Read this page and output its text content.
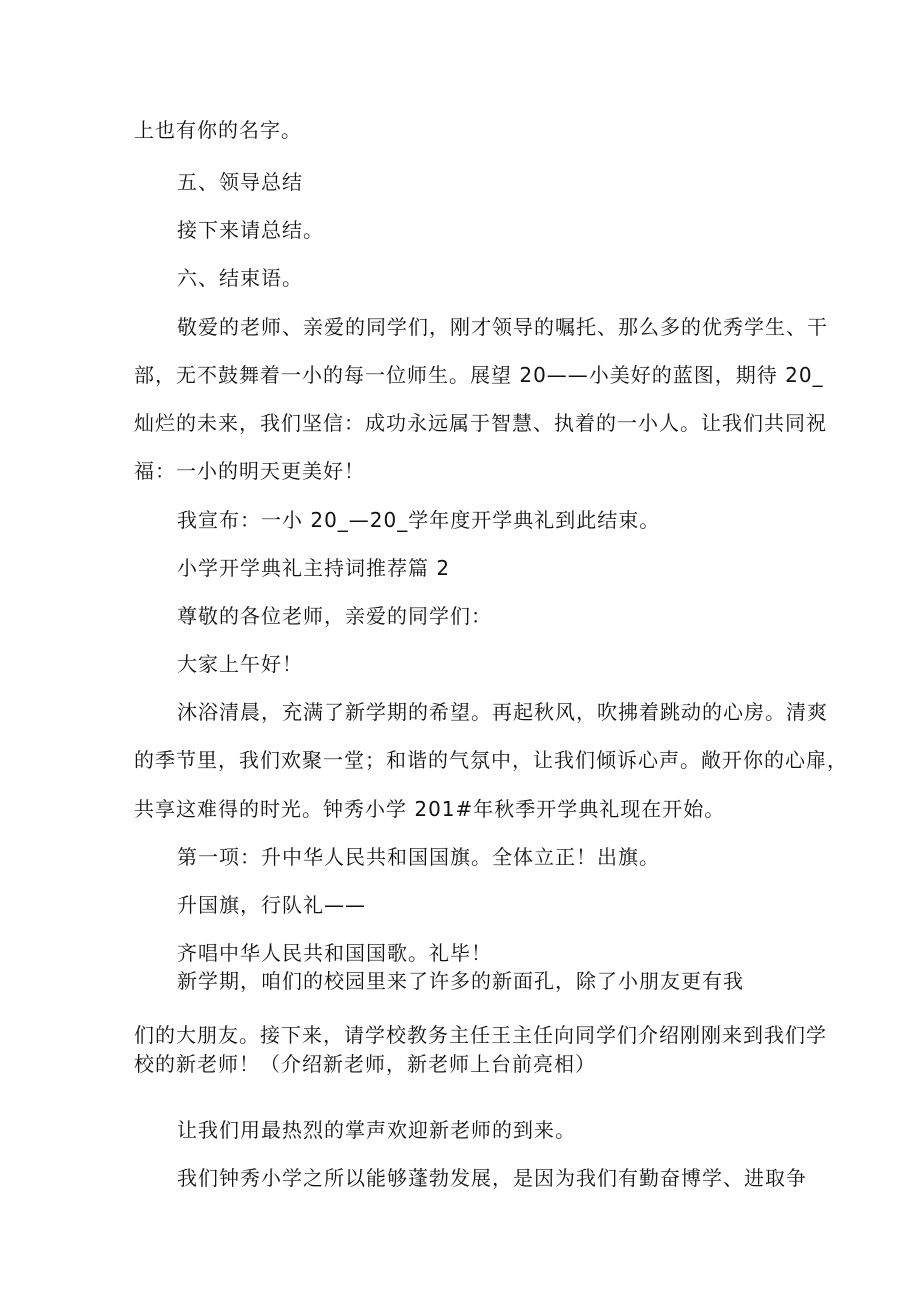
上也有你的名字。
五、领导总结
接下来请总结。
六、结束语。
敬爱的老师、亲爱的同学们，刚才领导的嘱托、那么多的优秀学生、干
部，无不鼓舞着一小的每一位师生。展望 20——小美好的蓝图，期待 20_
灿烂的未来，我们坚信：成功永远属于智慧、执着的一小人。让我们共同祝
福：一小的明天更美好！
我宣布：一小 20_—20_学年度开学典礼到此结束。
小学开学典礼主持词推荐篇 2
尊敬的各位老师，亲爱的同学们：
大家上午好！
沐浴清晨，充满了新学期的希望。再起秋风，吹拂着跳动的心房。清爽
的季节里，我们欢聚一堂；和谐的气氛中，让我们倾诉心声。敞开你的心扉，
共享这难得的时光。钟秀小学 201#年秋季开学典礼现在开始。
第一项：升中华人民共和国国旗。全体立正！出旗。
升国旗，行队礼——
齐唱中华人民共和国国歌。礼毕！
新学期，咱们的校园里来了许多的新面孔，除了小朋友更有我
们的大朋友。接下来，请学校教务主任王主任向同学们介绍刚刚来到我们学
校的新老师！（介绍新老师，新老师上台前亮相）
让我们用最热烈的掌声欢迎新老师的到来。
我们钟秀小学之所以能够蓬勃发展，是因为我们有勤奋博学、进取争
